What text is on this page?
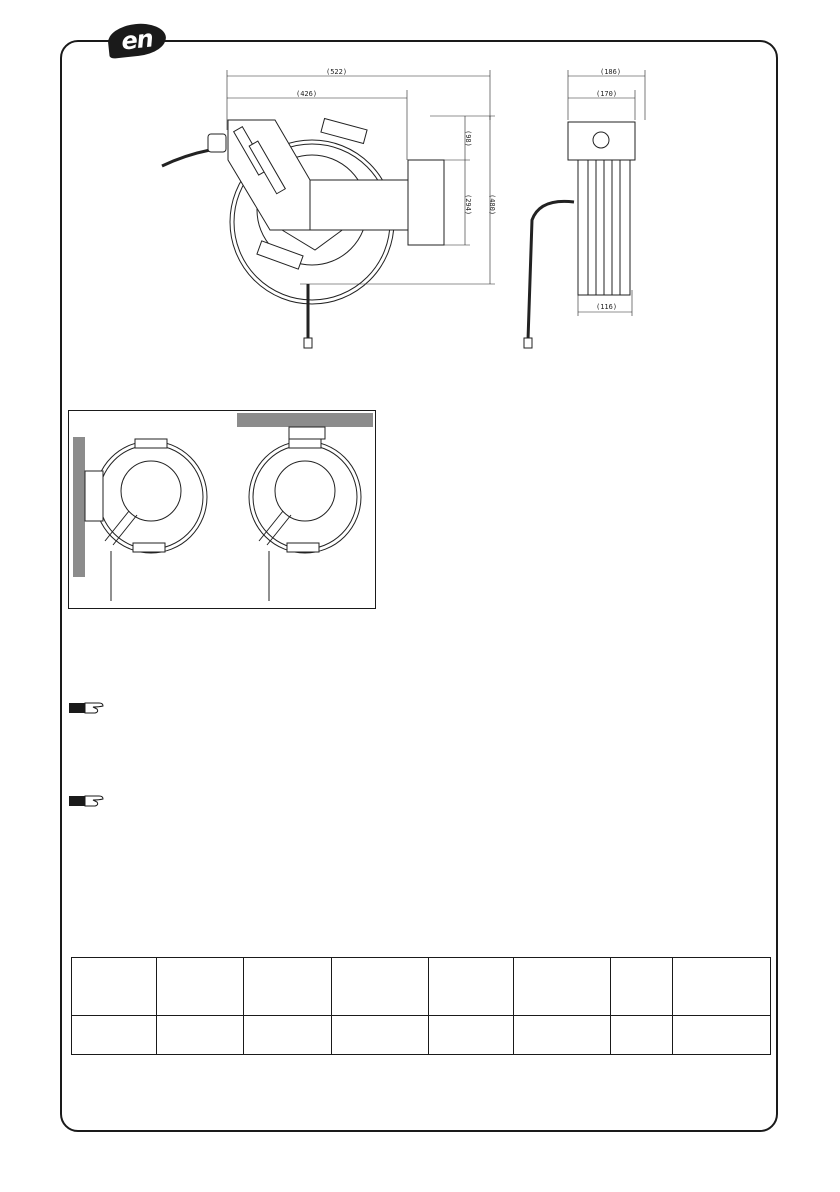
en
(522)
(426)
(98)
(294) (480)
(186)
(170)
(116)
